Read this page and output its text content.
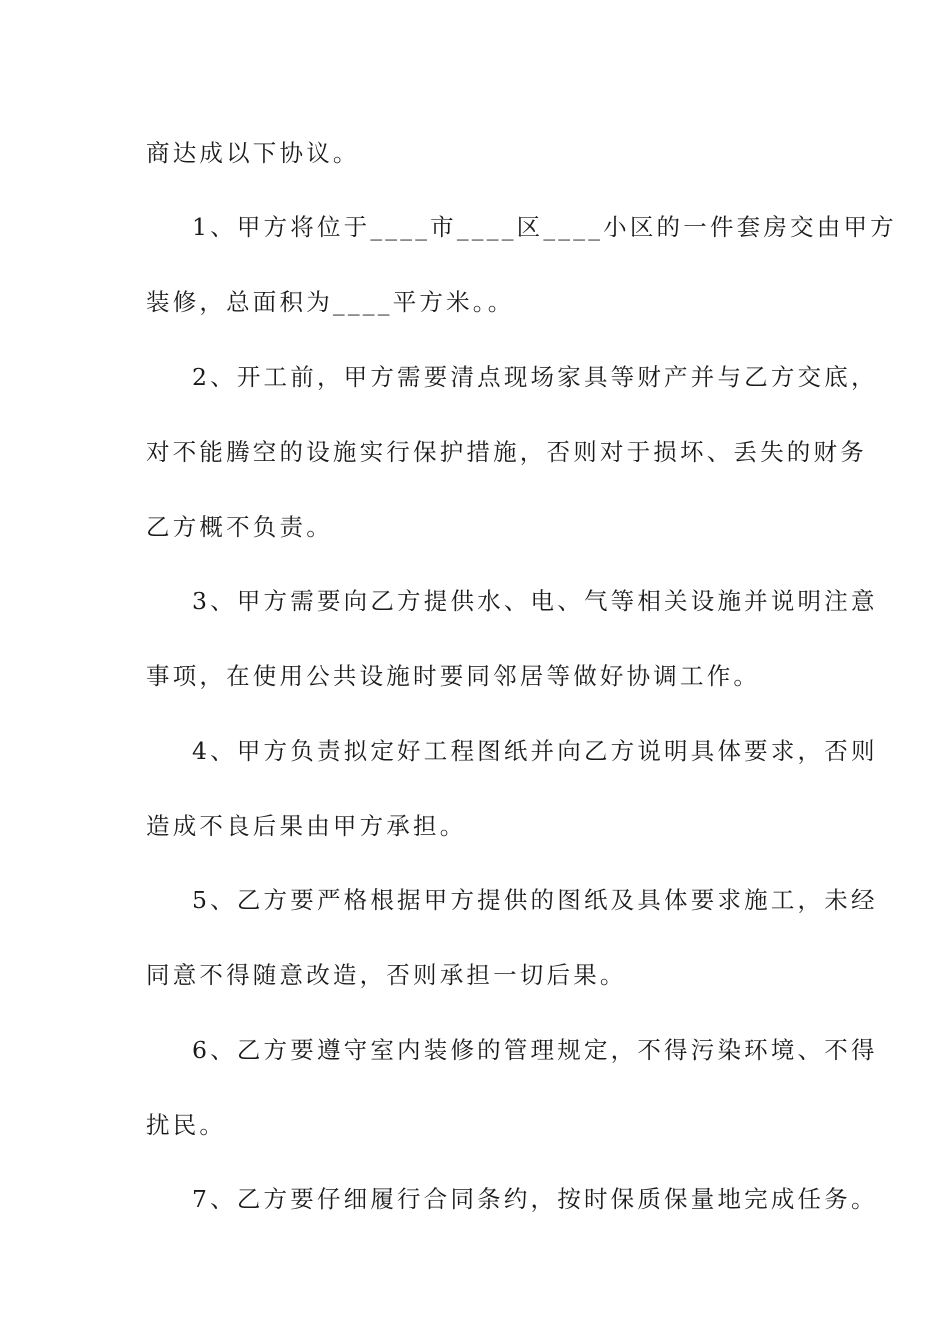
商达成以下协议。
1、甲方将位于____市____区____小区的一件套房交由甲方
装修，总面积为____平方米。。
2、开工前，甲方需要清点现场家具等财产并与乙方交底，
对不能腾空的设施实行保护措施，否则对于损坏、丢失的财务
乙方概不负责。
3、甲方需要向乙方提供水、电、气等相关设施并说明注意
事项，在使用公共设施时要同邻居等做好协调工作。
4、甲方负责拟定好工程图纸并向乙方说明具体要求，否则
造成不良后果由甲方承担。
5、乙方要严格根据甲方提供的图纸及具体要求施工，未经
同意不得随意改造，否则承担一切后果。
6、乙方要遵守室内装修的管理规定，不得污染环境、不得
扰民。
7、乙方要仔细履行合同条约，按时保质保量地完成任务。
